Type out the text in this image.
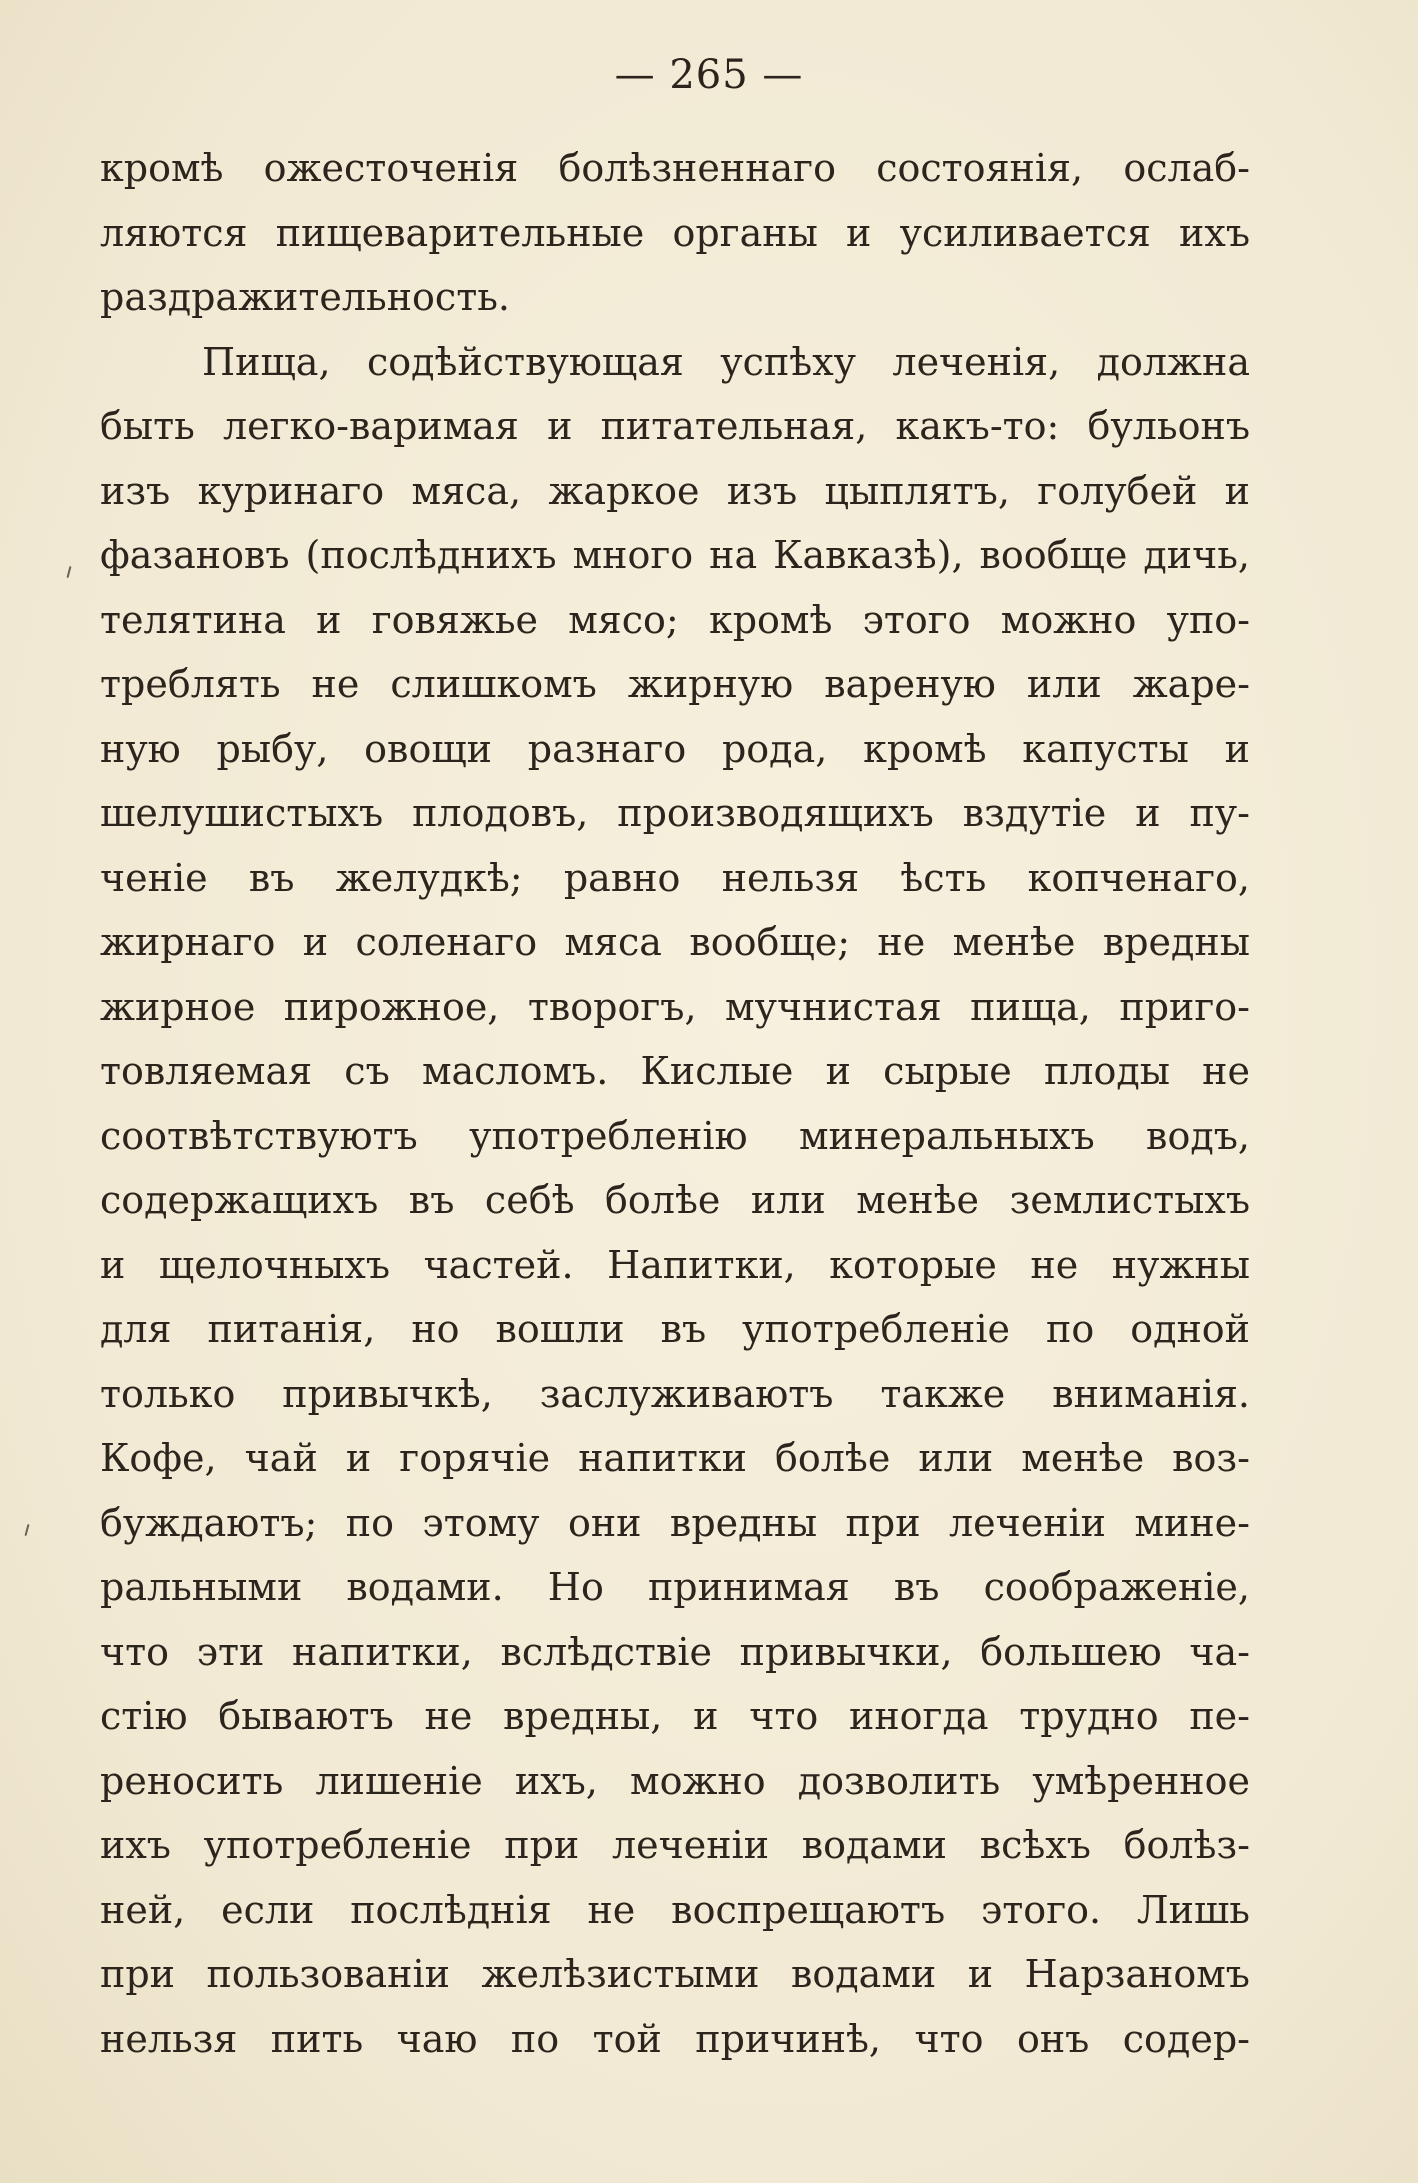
— 265 —
кромѣ ожесточенія болѣзненнаго состоянія, ослаб-
ляются пищеварительные органы и усиливается ихъ
раздражительность.
Пища, содѣйствующая успѣху леченія, должна
быть легко-варимая и питательная, какъ-то: бульонъ
изъ куринаго мяса, жаркое изъ цыплятъ, голубей и
фазановъ (послѣднихъ много на Кавказѣ), вообще дичь,
телятина и говяжье мясо; кромѣ этого можно упо-
треблять не слишкомъ жирную вареную или жаре-
ную рыбу, овощи разнаго рода, кромѣ капусты и
шелушистыхъ плодовъ, производящихъ вздутіе и пу-
ченіе въ желудкѣ; равно нельзя ѣсть копченаго,
жирнаго и соленаго мяса вообще; не менѣе вредны
жирное пирожное, творогъ, мучнистая пища, приго-
товляемая съ масломъ. Кислые и сырые плоды не
соотвѣтствуютъ употребленію минеральныхъ водъ,
содержащихъ въ себѣ болѣе или менѣе землистыхъ
и щелочныхъ частей. Напитки, которые не нужны
для питанія, но вошли въ употребленіе по одной
только привычкѣ, заслуживаютъ также вниманія.
Кофе, чай и горячіе напитки болѣе или менѣе воз-
буждаютъ; по этому они вредны при леченіи мине-
ральными водами. Но принимая въ соображеніе,
что эти напитки, вслѣдствіе привычки, большею ча-
стію бываютъ не вредны, и что иногда трудно пе-
реносить лишеніе ихъ, можно дозволить умѣренное
ихъ употребленіе при леченіи водами всѣхъ болѣз-
ней, если послѣднія не воспрещаютъ этого. Лишь
при пользованіи желѣзистыми водами и Нарзаномъ
нельзя пить чаю по той причинѣ, что онъ содер-
